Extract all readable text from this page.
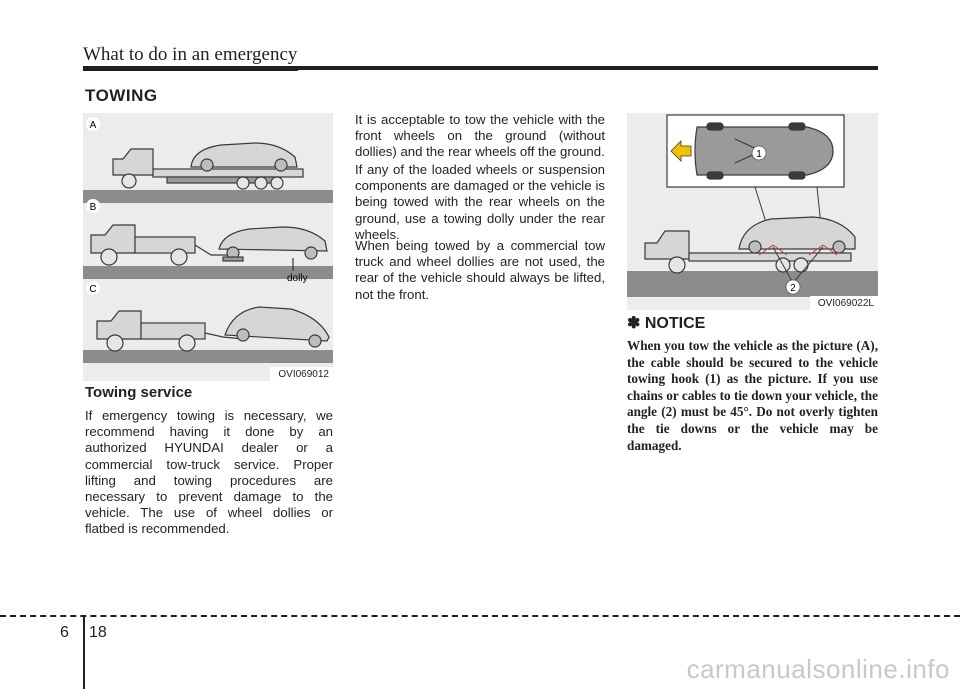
What to do in an emergency
TOWING
A
B
C
dolly
OVI069012
Towing service

If emergency towing is necessary, we recommend having it done by an authorized HYUNDAI dealer or a commercial tow-truck service. Proper lifting and towing procedures are necessary to prevent damage to the vehicle. The use of wheel dollies or flatbed is recommended.

It is acceptable to tow the vehicle with the front wheels on the ground (without dollies) and the rear wheels off the ground.

If any of the loaded wheels or suspension components are damaged or the vehicle is being towed with the rear wheels on the ground, use a towing dolly under the rear wheels.

When being towed by a commercial tow truck and wheel dollies are not used, the rear of the vehicle should always be lifted, not the front.

1
2
OVI069022L
✽ NOTICE

When you tow the vehicle as the picture (A), the cable should be secured to the vehicle towing hook (1) as the picture. If you use chains or cables to tie down your vehicle, the angle (2) must be 45°. Do not overly tighten the tie downs or the vehicle may be damaged.

6 18
carmanualsonline.info
